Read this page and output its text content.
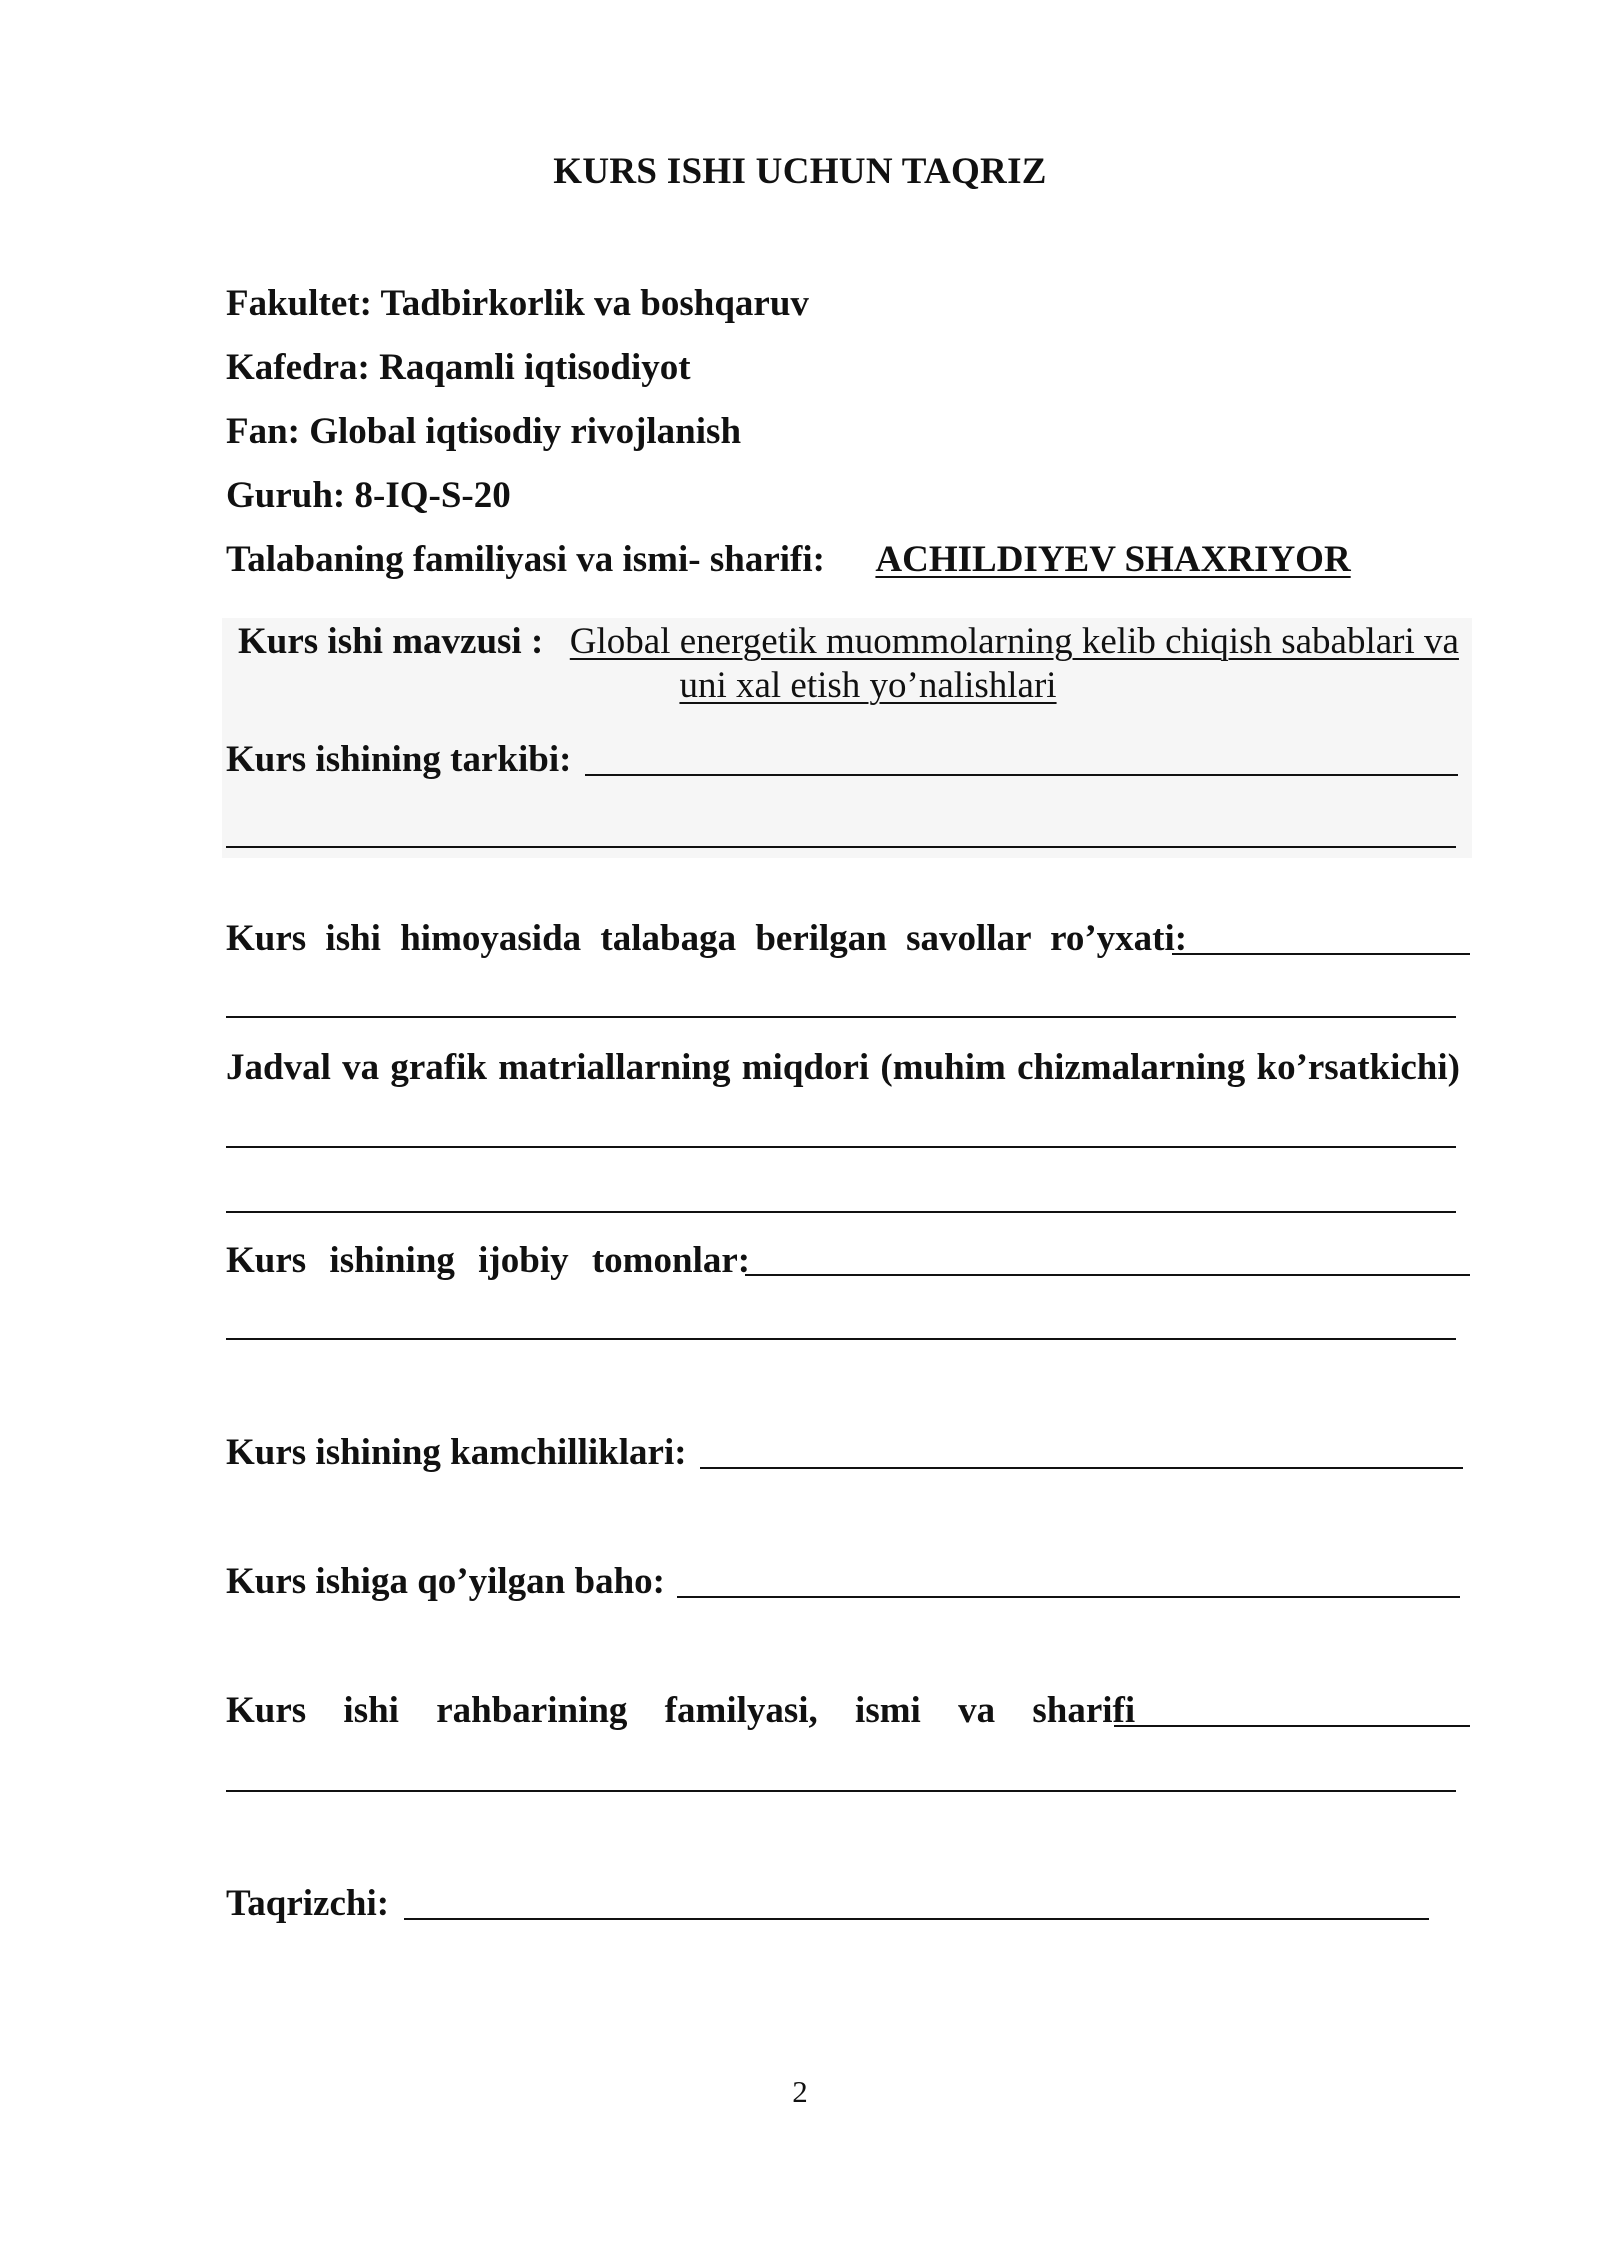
KURS ISHI UCHUN TAQRIZ
Fakultet: Tadbirkorlik va boshqaruv
Kafedra: Raqamli iqtisodiyot
Fan: Global iqtisodiy rivojlanish
Guruh: 8-IQ-S-20
Talabaning familiyasi va ismi- sharifi: ACHILDIYEV SHAXRIYOR
Kurs ishi mavzusi : Global energetik muommolarning kelib chiqish sabablari va
uni xal etish yo’nalishlari
Kurs ishining tarkibi:
Kurs ishi himoyasida talabaga berilgan savollar ro’yxati:
Jadval va grafik matriallarning miqdori (muhim chizmalarning ko’rsatkichi)
Kurs ishining ijobiy tomonlar:
Kurs ishining kamchilliklari:
Kurs ishiga qo’yilgan baho:
Kurs ishi rahbarining familyasi, ismi va sharifi
Taqrizchi:
2
